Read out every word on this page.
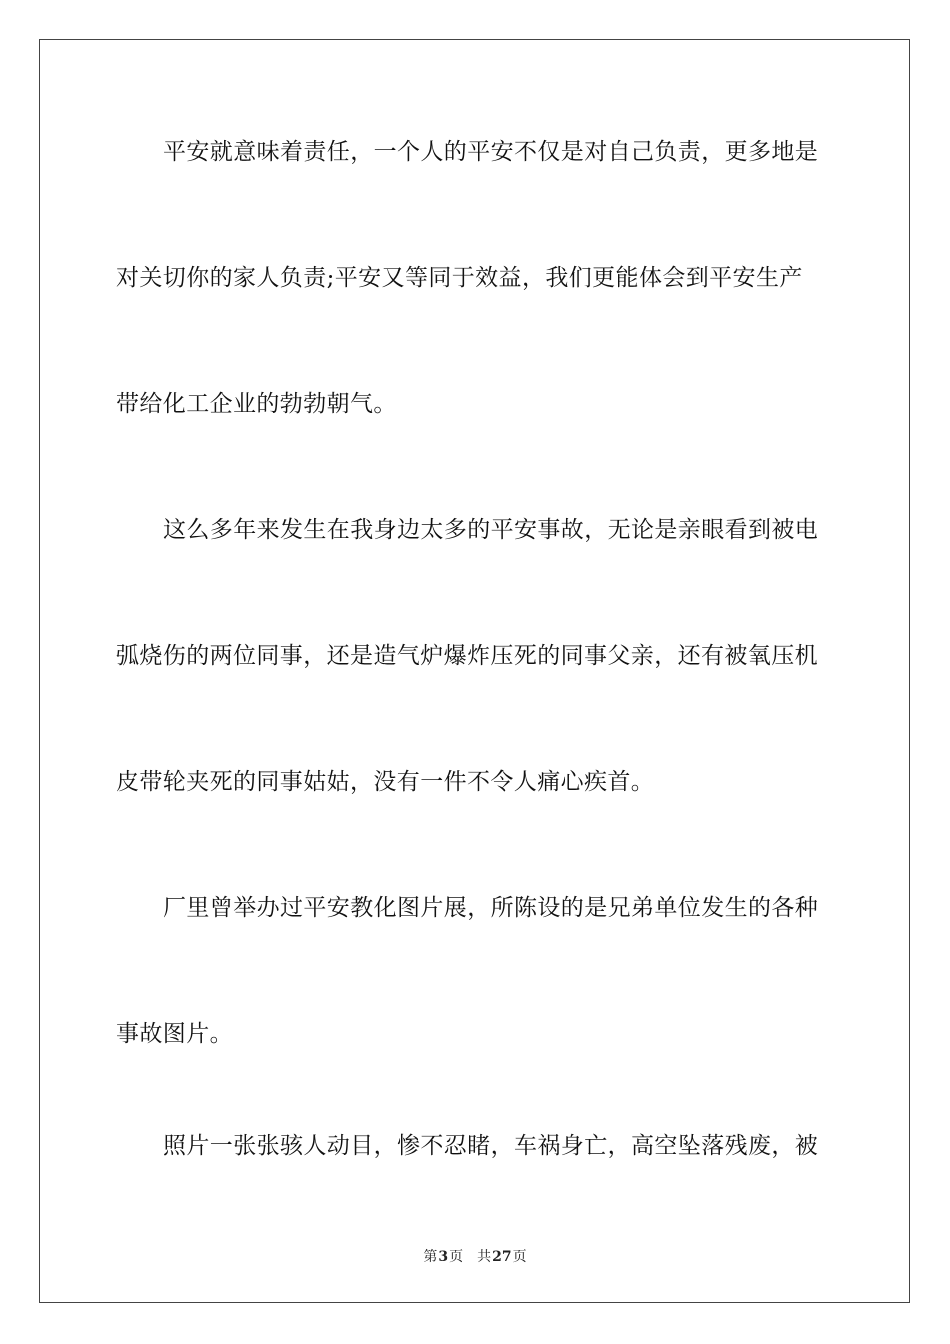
平安就意味着责任，一个人的平安不仅是对自己负责，更多地是
对关切你的家人负责;平安又等同于效益，我们更能体会到平安生产
带给化工企业的勃勃朝气。
这么多年来发生在我身边太多的平安事故，无论是亲眼看到被电
弧烧伤的两位同事，还是造气炉爆炸压死的同事父亲，还有被氧压机
皮带轮夹死的同事姑姑，没有一件不令人痛心疾首。
厂里曾举办过平安教化图片展，所陈设的是兄弟单位发生的各种
事故图片。
照片一张张骇人动目，惨不忍睹，车祸身亡，高空坠落残废，被
第3页 共27页
